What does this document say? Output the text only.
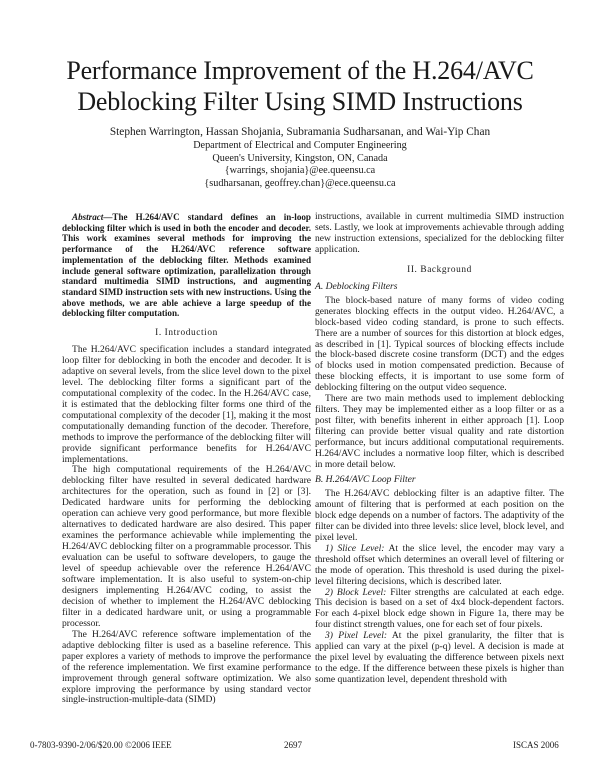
Performance Improvement of the H.264/AVC
Deblocking Filter Using SIMD Instructions
Stephen Warrington, Hassan Shojania, Subramania Sudharsanan, and Wai-Yip Chan
Department of Electrical and Computer Engineering
Queen's University, Kingston, ON, Canada
{warrings, shojania}@ee.queensu.ca
{sudharsanan, geoffrey.chan}@ece.queensu.ca

Abstract—The H.264/AVC standard defines an in-loop deblocking filter which is used in both the encoder and decoder. This work examines several methods for improving the performance of the H.264/AVC reference software implementation of the deblocking filter. Methods examined include general software optimization, parallelization through standard multimedia SIMD instructions, and augmenting standard SIMD instruction sets with new instructions. Using the above methods, we are able achieve a large speedup of the deblocking filter computation.

I. Introduction

The H.264/AVC specification includes a standard integrated loop filter for deblocking in both the encoder and decoder. It is adaptive on several levels, from the slice level down to the pixel level. The deblocking filter forms a significant part of the computational complexity of the codec. In the H.264/AVC case, it is estimated that the deblocking filter forms one third of the computational complexity of the decoder [1], making it the most computationally demanding function of the decoder. Therefore, methods to improve the performance of the deblocking filter will provide significant performance benefits for H.264/AVC implementations.

The high computational requirements of the H.264/AVC deblocking filter have resulted in several dedicated hardware architectures for the operation, such as found in [2] or [3]. Dedicated hardware units for performing the deblocking operation can achieve very good performance, but more flexible alternatives to dedicated hardware are also desired. This paper examines the performance achievable while implementing the H.264/AVC deblocking filter on a programmable processor. This evaluation can be useful to software developers, to gauge the level of speedup achievable over the reference H.264/AVC software implementation. It is also useful to system-on-chip designers implementing H.264/AVC coding, to assist the decision of whether to implement the H.264/AVC deblocking filter in a dedicated hardware unit, or using a programmable processor.

The H.264/AVC reference software implementation of the adaptive deblocking filter is used as a baseline reference. This paper explores a variety of methods to improve the performance of the reference implementation. We first examine performance improvement through general software optimization. We also explore improving the performance by using standard vector single-instruction-multiple-data (SIMD)

instructions, available in current multimedia SIMD instruction sets. Lastly, we look at improvements achievable through adding new instruction extensions, specialized for the deblocking filter application.

II. Background
A. Deblocking Filters

The block-based nature of many forms of video coding generates blocking effects in the output video. H.264/AVC, a block-based video coding standard, is prone to such effects. There are a number of sources for this distortion at block edges, as described in [1]. Typical sources of blocking effects include the block-based discrete cosine transform (DCT) and the edges of blocks used in motion compensated prediction. Because of these blocking effects, it is important to use some form of deblocking filtering on the output video sequence.

There are two main methods used to implement deblocking filters. They may be implemented either as a loop filter or as a post filter, with benefits inherent in either approach [1]. Loop filtering can provide better visual quality and rate distortion performance, but incurs additional computational requirements. H.264/AVC includes a normative loop filter, which is described in more detail below.

B. H.264/AVC Loop Filter

The H.264/AVC deblocking filter is an adaptive filter. The amount of filtering that is performed at each position on the block edge depends on a number of factors. The adaptivity of the filter can be divided into three levels: slice level, block level, and pixel level.

1) Slice Level: At the slice level, the encoder may vary a threshold offset which determines an overall level of filtering or the mode of operation. This threshold is used during the pixel-level filtering decisions, which is described later.

2) Block Level: Filter strengths are calculated at each edge. This decision is based on a set of 4x4 block-dependent factors. For each 4-pixel block edge shown in Figure 1a, there may be four distinct strength values, one for each set of four pixels.

3) Pixel Level: At the pixel granularity, the filter that is applied can vary at the pixel (p-q) level. A decision is made at the pixel level by evaluating the difference between pixels next to the edge. If the difference between these pixels is higher than some quantization level, dependent threshold with

0-7803-9390-2/06/$20.00 ©2006 IEEE	2697	ISCAS 2006
